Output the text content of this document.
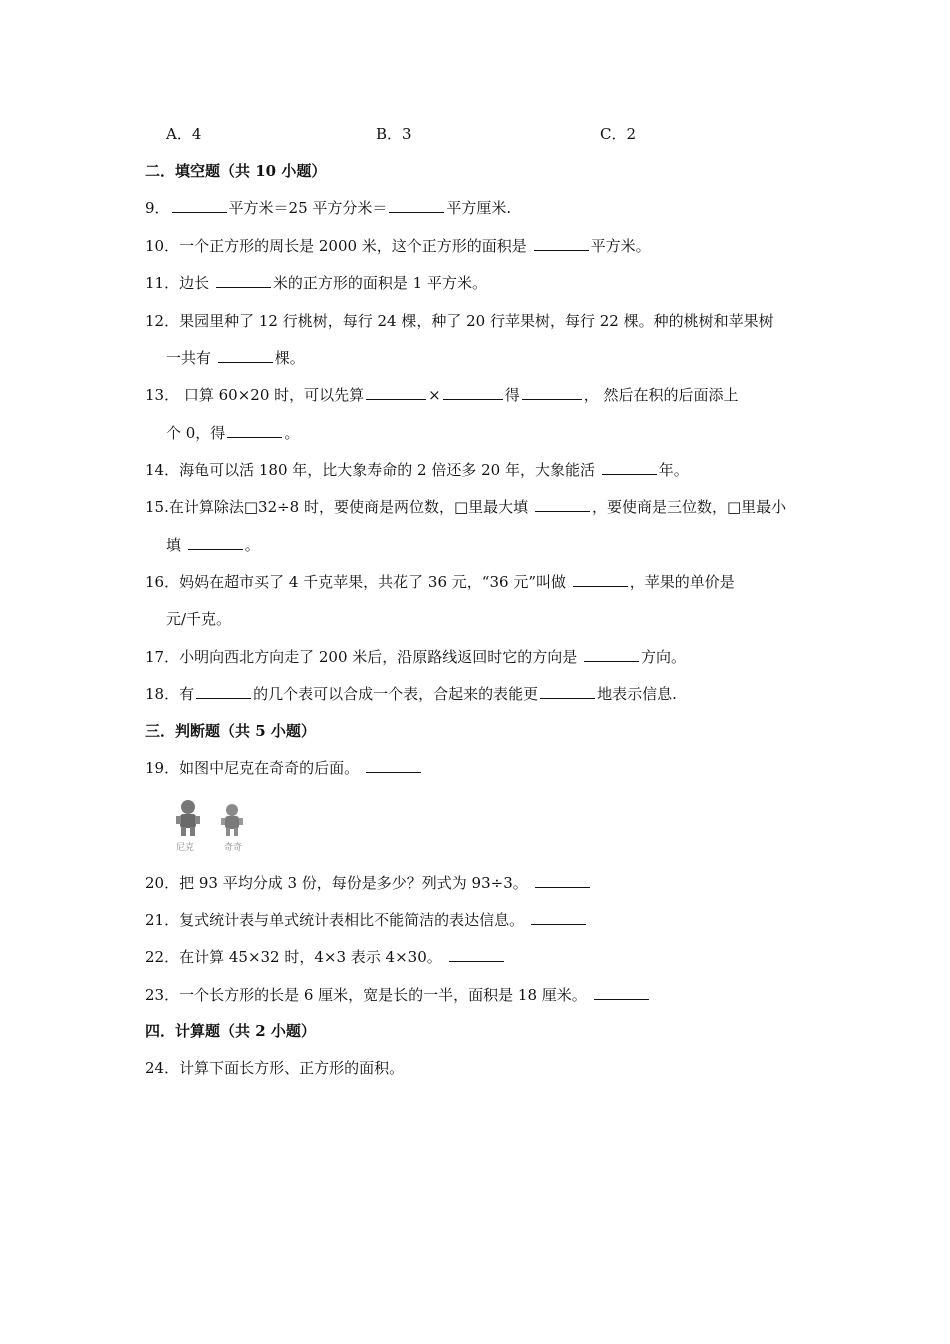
A．4	B．3	C．2
二．填空题（共 10 小题）
9．	平方米＝25 平方分米＝	平方厘米.
10．一个正方形的周长是 2000 米，这个正方形的面积是	平方米。
11．边长	米的正方形的面积是 1 平方米。
12．果园里种了 12 行桃树，每行 24 棵，种了 20 行苹果树，每行 22 棵。种的桃树和苹果树
一共有	棵。
13． 口算 60×20 时，可以先算	×	得	， 然后在积的后面添上
个 0，得	。
14．海龟可以活 180 年，比大象寿命的 2 倍还多 20 年，大象能活	年。
15.在计算除法□32÷8 时，要使商是两位数，□里最大填	，要使商是三位数，□里最小
填	。
16．妈妈在超市买了 4 千克苹果，共花了 36 元，“36 元”叫做	，苹果的单价是
元/千克。
17．小明向西北方向走了 200 米后，沿原路线返回时它的方向是	方向。
18．有	的几个表可以合成一个表，合起来的表能更	地表示信息.
三．判断题（共 5 小题）
19．如图中尼克在奇奇的后面。
尼克	奇奇
20．把 93 平均分成 3 份，每份是多少？列式为 93÷3。
21．复式统计表与单式统计表相比不能简洁的表达信息。
22．在计算 45×32 时，4×3 表示 4×30。
23．一个长方形的长是 6 厘米，宽是长的一半，面积是 18 厘米。
四．计算题（共 2 小题）
24．计算下面长方形、正方形的面积。
